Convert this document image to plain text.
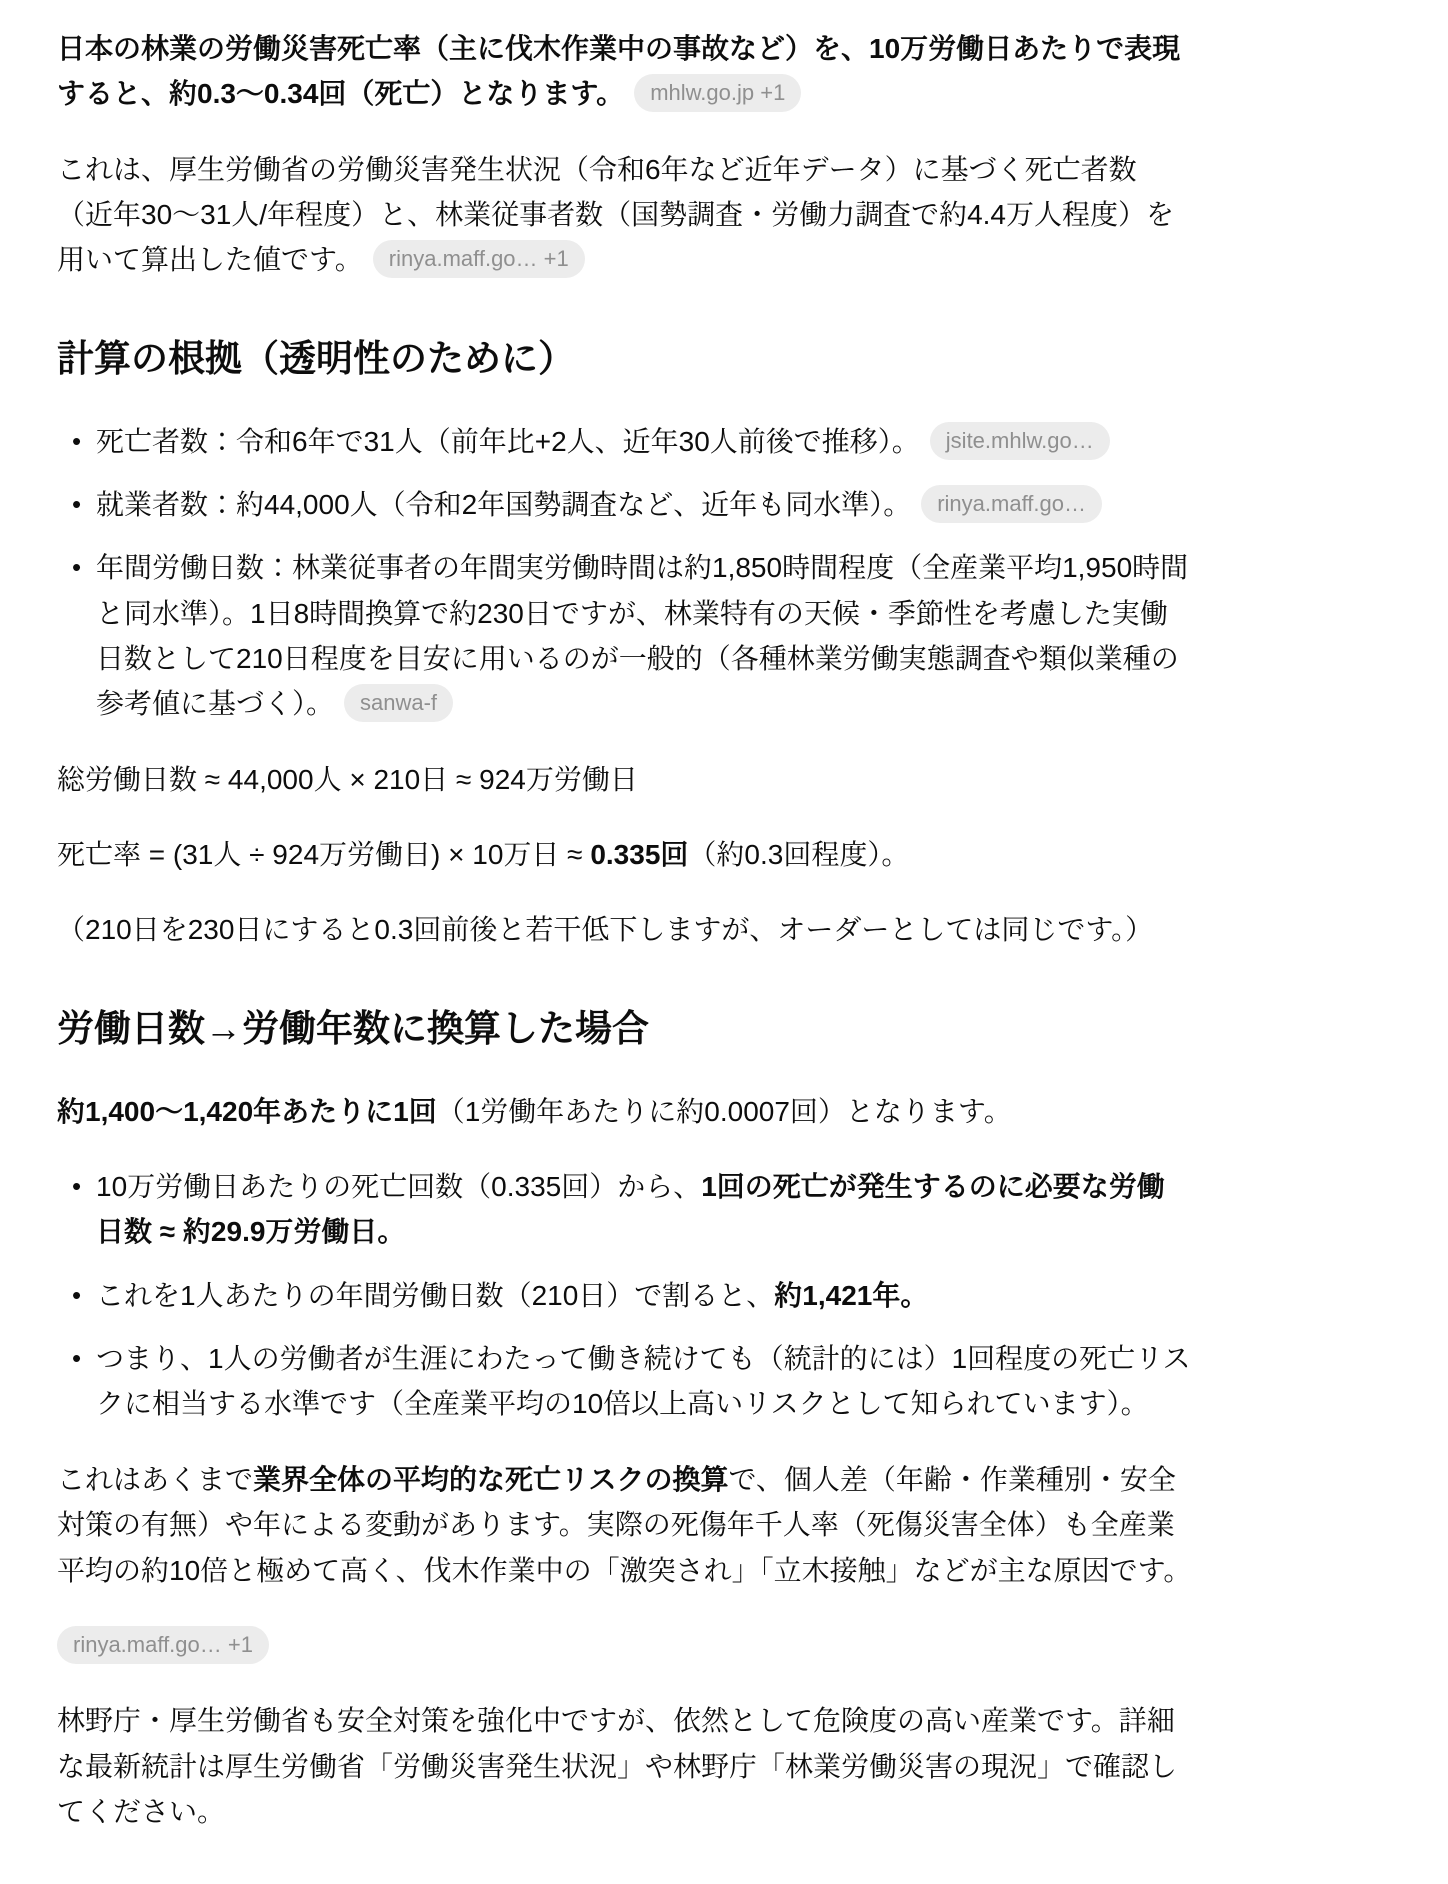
日本の林業の労働災害死亡率（主に伐木作業中の事故など）を、10万労働日あたりで表現すると、約0.3〜0.34回（死亡）となります。 mhlw.go.jp +1

これは、厚生労働省の労働災害発生状況（令和6年など近年データ）に基づく死亡者数（近年30〜31人/年程度）と、林業従事者数（国勢調査・労働力調査で約4.4万人程度）を用いて算出した値です。 rinya.maff.go… +1

計算の根拠（透明性のために）
• 死亡者数：令和6年で31人（前年比+2人、近年30人前後で推移）。 jsite.mhlw.go…
• 就業者数：約44,000人（令和2年国勢調査など、近年も同水準）。 rinya.maff.go…
• 年間労働日数：林業従事者の年間実労働時間は約1,850時間程度（全産業平均1,950時間と同水準）。1日8時間換算で約230日ですが、林業特有の天候・季節性を考慮した実働日数として210日程度を目安に用いるのが一般的（各種林業労働実態調査や類似業種の参考値に基づく）。 sanwa-f

総労働日数 ≈ 44,000人 × 210日 ≈ 924万労働日

死亡率 = (31人 ÷ 924万労働日) × 10万日 ≈ 0.335回（約0.3回程度）。

（210日を230日にすると0.3回前後と若干低下しますが、オーダーとしては同じです。）

労働日数→労働年数に換算した場合

約1,400〜1,420年あたりに1回（1労働年あたりに約0.0007回）となります。

• 10万労働日あたりの死亡回数（0.335回）から、1回の死亡が発生するのに必要な労働日数 ≈ 約29.9万労働日。
• これを1人あたりの年間労働日数（210日）で割ると、約1,421年。
• つまり、1人の労働者が生涯にわたって働き続けても（統計的には）1回程度の死亡リスクに相当する水準です（全産業平均の10倍以上高いリスクとして知られています）。

これはあくまで業界全体の平均的な死亡リスクの換算で、個人差（年齢・作業種別・安全対策の有無）や年による変動があります。実際の死傷年千人率（死傷災害全体）も全産業平均の約10倍と極めて高く、伐木作業中の「激突され」「立木接触」などが主な原因です。

rinya.maff.go… +1

林野庁・厚生労働省も安全対策を強化中ですが、依然として危険度の高い産業です。詳細な最新統計は厚生労働省「労働災害発生状況」や林野庁「林業労働災害の現況」で確認してください。
